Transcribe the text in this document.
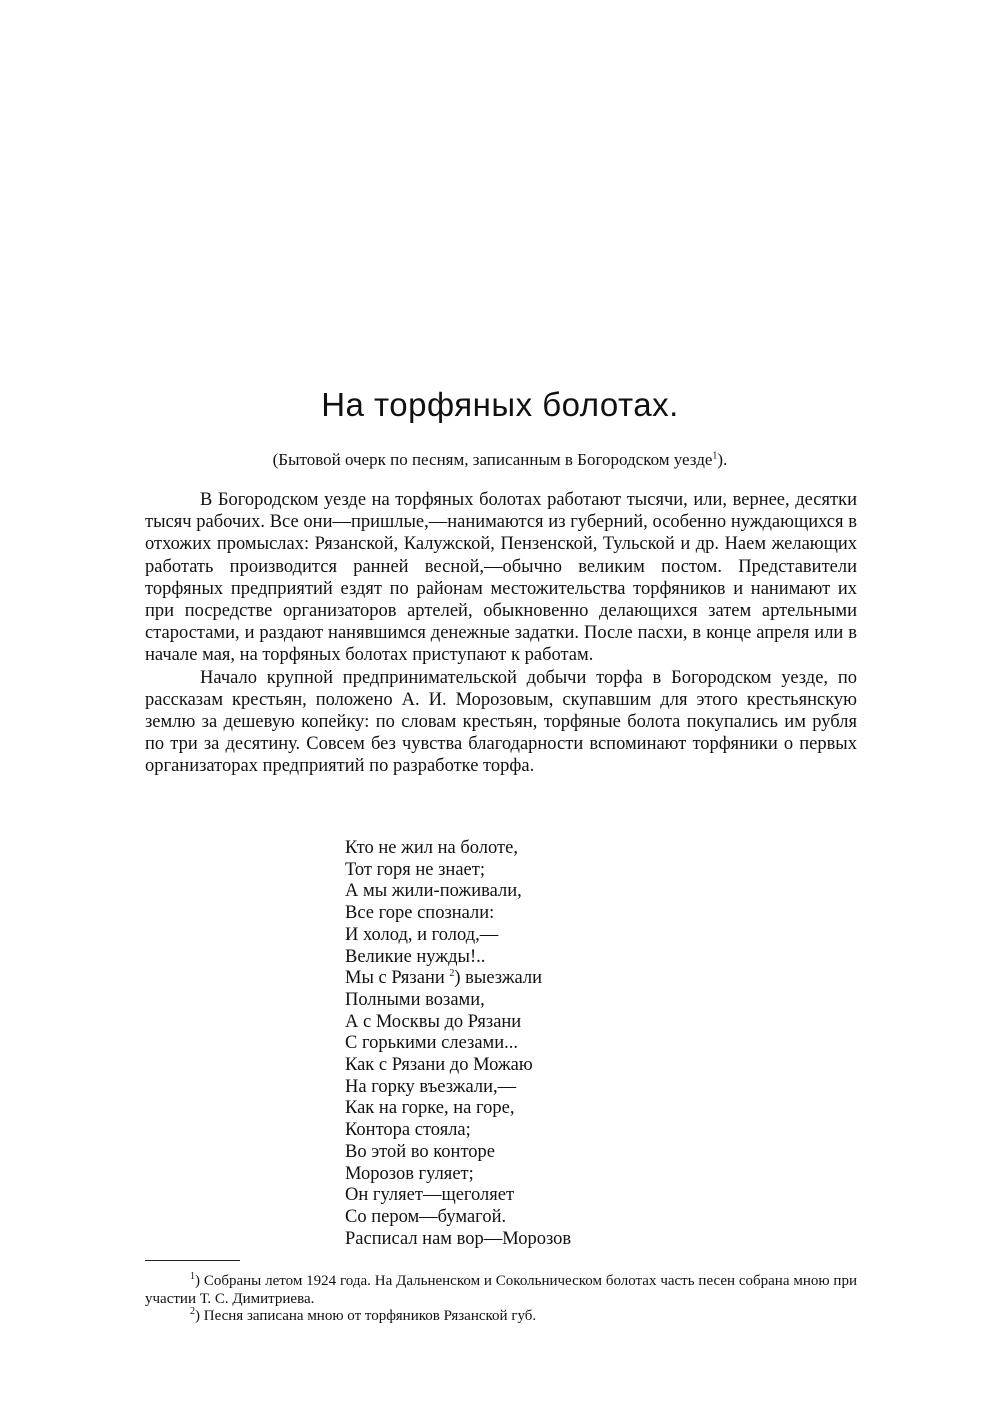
На торфяных болотах.

(Бытовой очерк по песням, записанным в Богородском уезде$^1$).

В Богородском уезде на торфяных болотах работают тысячи, или, вернее, десятки тысяч рабочих. Все они—пришлые,—нанимаются из губерний, особенно нуждающихся в отхожих промыслах: Рязанской, Калужской, Пензенской, Тульской и др. Наем желающих работать производится ранней весной,—обычно великим постом. Представители торфяных предприятий ездят по районам местожительства торфяников и нанимают их при посредстве организаторов артелей, обыкновенно делающихся затем артельными старостами, и раздают нанявшимся денежные задатки. После пасхи, в конце апреля или в начале мая, на торфяных болотах приступают к работам.

Начало крупной предпринимательской добычи торфа в Богородском уезде, по рассказам крестьян, положено А. И. Морозовым, скупавшим для этого крестьянскую землю за дешевую копейку: по словам крестьян, торфяные болота покупались им рубля по три за десятину. Совсем без чувства благодарности вспоминают торфяники о первых организаторах предприятий по разработке торфа.

Кто не жил на болоте,
Тот горя не знает;
А мы жили-поживали,
Все горе спознали:
И холод, и голод,—
Великие нужды!..
Мы с Рязани $^2$) выезжали
Полными возами,
А с Москвы до Рязани
С горькими слезами...
Как с Рязани до Можаю
На горку въезжали,—
Как на горке, на горе,
Контора стояла;
Во этой во конторе
Морозов гуляет;
Он гуляет—щеголяет
Со пером—бумагой.
Расписал нам вор—Морозов

$^1$) Собраны летом 1924 года. На Дальненском и Сокольническом болотах часть песен собрана мною при участии Т. С. Димитриева.

$^2$) Песня записана мною от торфяников Рязанской губ.
